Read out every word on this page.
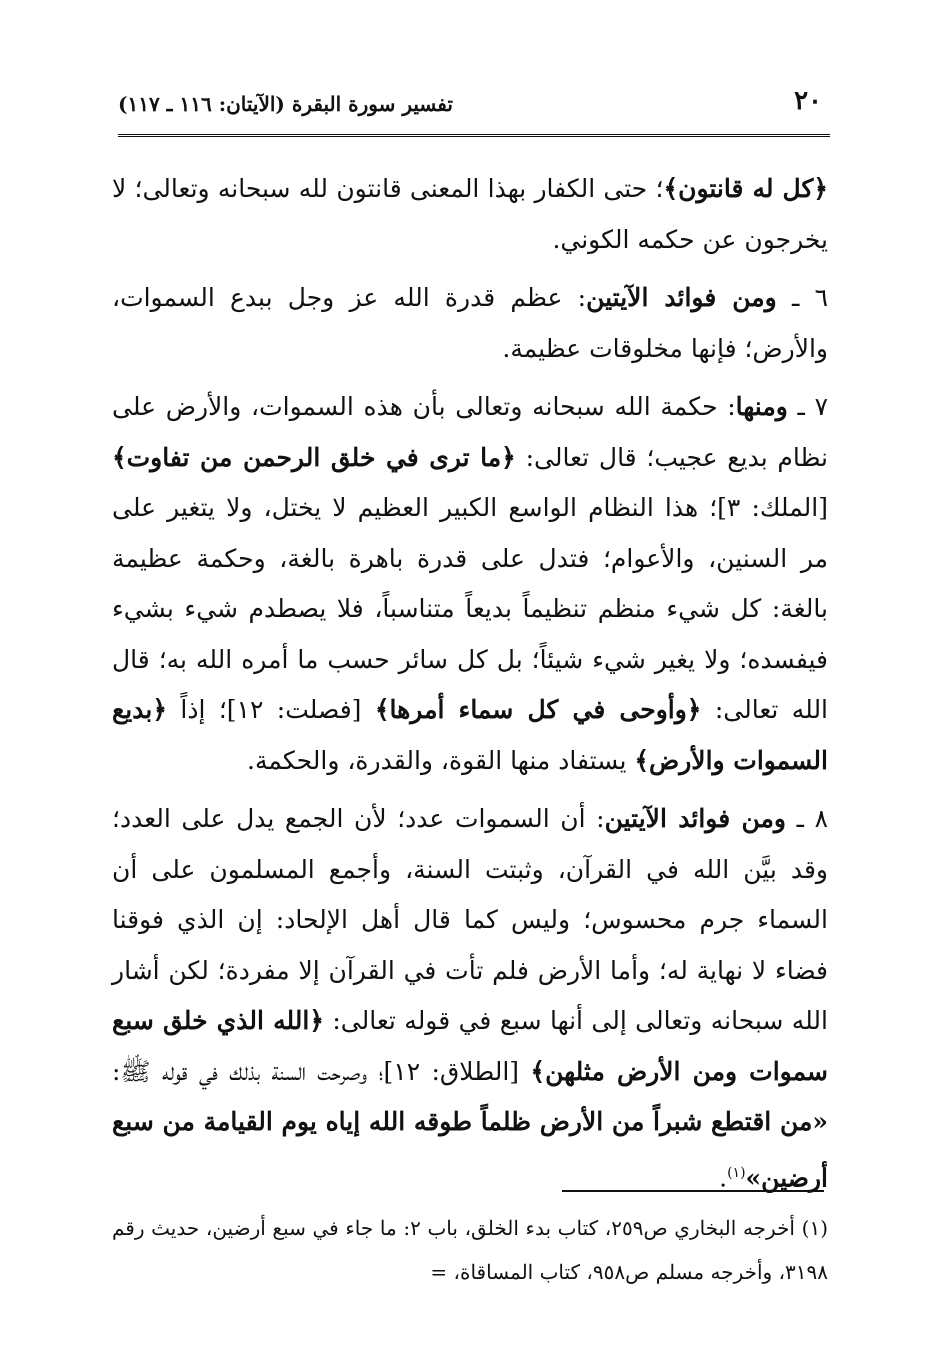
٢٠
تفسير سورة البقرة (الآيتان: ١١٦ ـ ١١٧)

﴿كل له قانتون﴾؛ حتى الكفار بهذا المعنى قانتون لله سبحانه وتعالى؛ لا يخرجون عن حكمه الكوني.

٦ ـ ومن فوائد الآيتين: عظم قدرة الله عز وجل ببدع السموات، والأرض؛ فإنها مخلوقات عظيمة.

٧ ـ ومنها: حكمة الله سبحانه وتعالى بأن هذه السموات، والأرض على نظام بديع عجيب؛ قال تعالى: ﴿ما ترى في خلق الرحمن من تفاوت﴾ [الملك: ٣]؛ هذا النظام الواسع الكبير العظيم لا يختل، ولا يتغير على مر السنين، والأعوام؛ فتدل على قدرة باهرة بالغة، وحكمة عظيمة بالغة: كل شيء منظم تنظيماً بديعاً متناسباً، فلا يصطدم شيء بشيء فيفسده؛ ولا يغير شيء شيئاً؛ بل كل سائر حسب ما أمره الله به؛ قال الله تعالى: ﴿وأوحى في كل سماء أمرها﴾ [فصلت: ١٢]؛ إذاً ﴿بديع السموات والأرض﴾ يستفاد منها القوة، والقدرة، والحكمة.

٨ ـ ومن فوائد الآيتين: أن السموات عدد؛ لأن الجمع يدل على العدد؛ وقد بيَّن الله في القرآن، وثبتت السنة، وأجمع المسلمون على أن السماء جرم محسوس؛ وليس كما قال أهل الإلحاد: إن الذي فوقنا فضاء لا نهاية له؛ وأما الأرض فلم تأت في القرآن إلا مفردة؛ لكن أشار الله سبحانه وتعالى إلى أنها سبع في قوله تعالى: ﴿الله الذي خلق سبع سموات ومن الأرض مثلهن﴾ [الطلاق: ١٢]؛ وصرحت السنة بذلك في قوله ﷺ: «من اقتطع شبراً من الأرض ظلماً طوقه الله إياه يوم القيامة من سبع أرضين»$^{(١)}$.

(١) أخرجه البخاري ص٢٥٩، كتاب بدء الخلق، باب ٢: ما جاء في سبع أرضين، حديث رقم ٣١٩٨، وأخرجه مسلم ص٩٥٨، كتاب المساقاة، =
